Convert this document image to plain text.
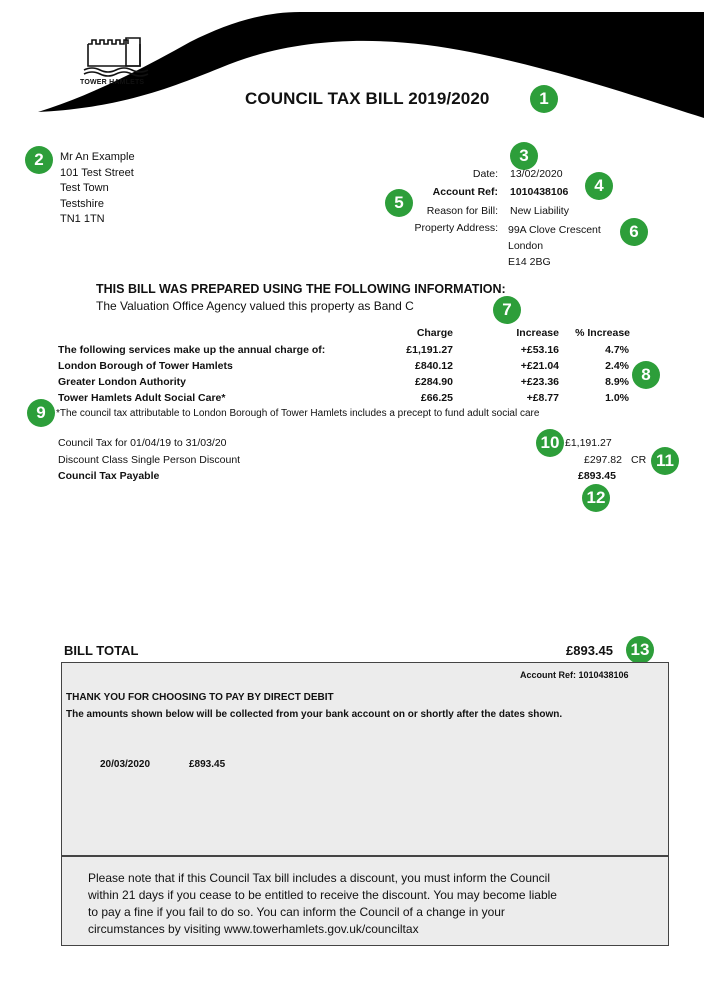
TOWER HAMLETS
COUNCIL TAX BILL 2019/2020	1
2	3
4
5
6
7
8
9
10
11
12
13
Mr An Example
101 Test Street
Test Town
Testshire
TN1 1TN
Date: 13/02/2020
Account Ref: 1010438106
Reason for Bill: New Liability
Property Address: 99A Clove Crescent
London
E14 2BG
THIS BILL WAS PREPARED USING THE FOLLOWING INFORMATION:
The Valuation Office Agency valued this property as Band C
Charge	Increase	% Increase
The following services make up the annual charge of:	£1,191.27	+£53.16	4.7%
London Borough of Tower Hamlets	£840.12	+£21.04	2.4%
Greater London Authority	£284.90	+£23.36	8.9%
Tower Hamlets Adult Social Care*	£66.25	+£8.77	1.0%
*The council tax attributable to London Borough of Tower Hamlets includes a precept to fund adult social care
Council Tax for 01/04/19 to 31/03/20	£1,191.27
Discount Class Single Person Discount	£297.82 CR
Council Tax Payable	£893.45
BILL TOTAL	£893.45
Account Ref: 1010438106
THANK YOU FOR CHOOSING TO PAY BY DIRECT DEBIT
The amounts shown below will be collected from your bank account on or shortly after the dates shown.
20/03/2020	£893.45
Please note that if this Council Tax bill includes a discount, you must inform the Council
within 21 days if you cease to be entitled to receive the discount. You may become liable
to pay a fine if you fail to do so. You can inform the Council of a change in your
circumstances by visiting www.towerhamlets.gov.uk/counciltax
